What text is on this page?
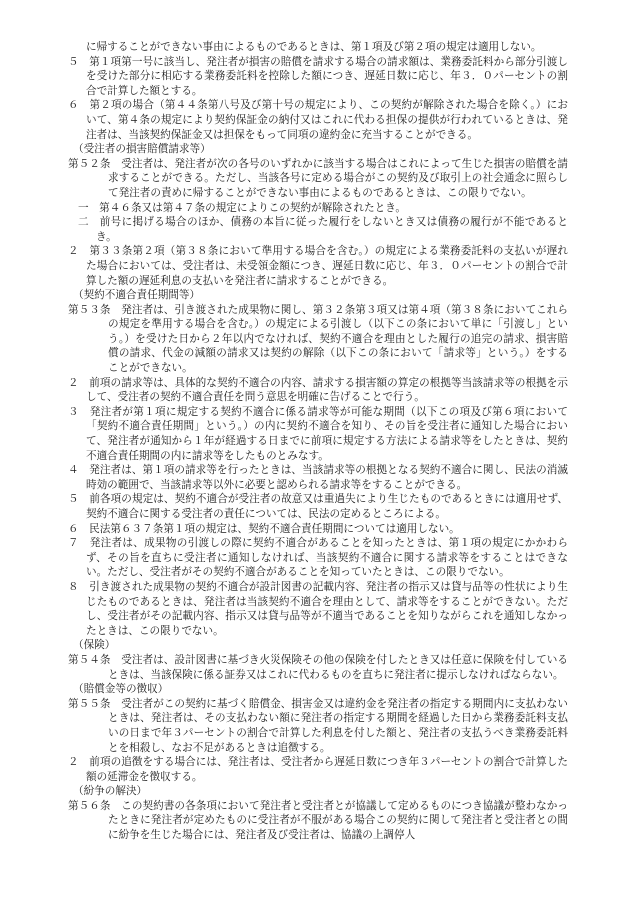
に帰することができない事由によるものであるときは、第１項及び第２項の規定は適用しない。

５　第１項第一号に該当し、発注者が損害の賠償を請求する場合の請求額は、業務委託料から部分引渡しを受けた部分に相応する業務委託料を控除した額につき、遅延日数に応じ、年３．０パーセントの割合で計算した額とする。

６　第２項の場合（第４４条第八号及び第十号の規定により、この契約が解除された場合を除く。）において、第４条の規定により契約保証金の納付又はこれに代わる担保の提供が行われているときは、発注者は、当該契約保証金又は担保をもって同項の違約金に充当することができる。

（受注者の損害賠償請求等）

第５２条　受注者は、発注者が次の各号のいずれかに該当する場合はこれによって生じた損害の賠償を請求することができる。ただし、当該各号に定める場合がこの契約及び取引上の社会通念に照らして発注者の責めに帰することができない事由によるものであるときは、この限りでない。

一　第４６条又は第４７条の規定によりこの契約が解除されたとき。

二　前号に掲げる場合のほか、債務の本旨に従った履行をしないとき又は債務の履行が不能であるとき。

２　第３３条第２項（第３８条において準用する場合を含む。）の規定による業務委託料の支払いが遅れた場合においては、受注者は、未受領金額につき、遅延日数に応じ、年３．０パーセントの割合で計算した額の遅延利息の支払いを発注者に請求することができる。

（契約不適合責任期間等）

第５３条　発注者は、引き渡された成果物に関し、第３２条第３項又は第４項（第３８条においてこれらの規定を準用する場合を含む。）の規定による引渡し（以下この条において単に「引渡し」という。）を受けた日から２年以内でなければ、契約不適合を理由とした履行の追完の請求、損害賠償の請求、代金の減額の請求又は契約の解除（以下この条において「請求等」という。）をすることができない。

２　前項の請求等は、具体的な契約不適合の内容、請求する損害額の算定の根拠等当該請求等の根拠を示して、受注者の契約不適合責任を問う意思を明確に告げることで行う。

３　発注者が第１項に規定する契約不適合に係る請求等が可能な期間（以下この項及び第６項において「契約不適合責任期間」という。）の内に契約不適合を知り、その旨を受注者に通知した場合において、発注者が通知から１年が経過する日までに前項に規定する方法による請求等をしたときは、契約不適合責任期間の内に請求等をしたものとみなす。

４　発注者は、第１項の請求等を行ったときは、当該請求等の根拠となる契約不適合に関し、民法の消滅時効の範囲で、当該請求等以外に必要と認められる請求等をすることができる。

５　前各項の規定は、契約不適合が受注者の故意又は重過失により生じたものであるときには適用せず、契約不適合に関する受注者の責任については、民法の定めるところによる。

６　民法第６３７条第１項の規定は、契約不適合責任期間については適用しない。

７　発注者は、成果物の引渡しの際に契約不適合があることを知ったときは、第１項の規定にかかわらず、その旨を直ちに受注者に通知しなければ、当該契約不適合に関する請求等をすることはできない。ただし、受注者がその契約不適合があることを知っていたときは、この限りでない。

８　引き渡された成果物の契約不適合が設計図書の記載内容、発注者の指示又は貸与品等の性状により生じたものであるときは、発注者は当該契約不適合を理由として、請求等をすることができない。ただし、受注者がその記載内容、指示又は貸与品等が不適当であることを知りながらこれを通知しなかったときは、この限りでない。

（保険）

第５４条　受注者は、設計図書に基づき火災保険その他の保険を付したとき又は任意に保険を付しているときは、当該保険に係る証券又はこれに代わるものを直ちに発注者に提示しなければならない。

（賠償金等の徴収）

第５５条　受注者がこの契約に基づく賠償金、損害金又は違約金を発注者の指定する期間内に支払わないときは、発注者は、その支払わない額に発注者の指定する期間を経過した日から業務委託料支払いの日まで年３パーセントの割合で計算した利息を付した額と、発注者の支払うべき業務委託料とを相殺し、なお不足があるときは追徴する。

２　前項の追徴をする場合には、発注者は、受注者から遅延日数につき年３パーセントの割合で計算した額の延滞金を徴収する。

（紛争の解決）

第５６条　この契約書の各条項において発注者と受注者とが協議して定めるものにつき協議が整わなかったときに発注者が定めたものに受注者が不服がある場合この契約に関して発注者と受注者との間に紛争を生じた場合には、発注者及び受注者は、協議の上調停人
